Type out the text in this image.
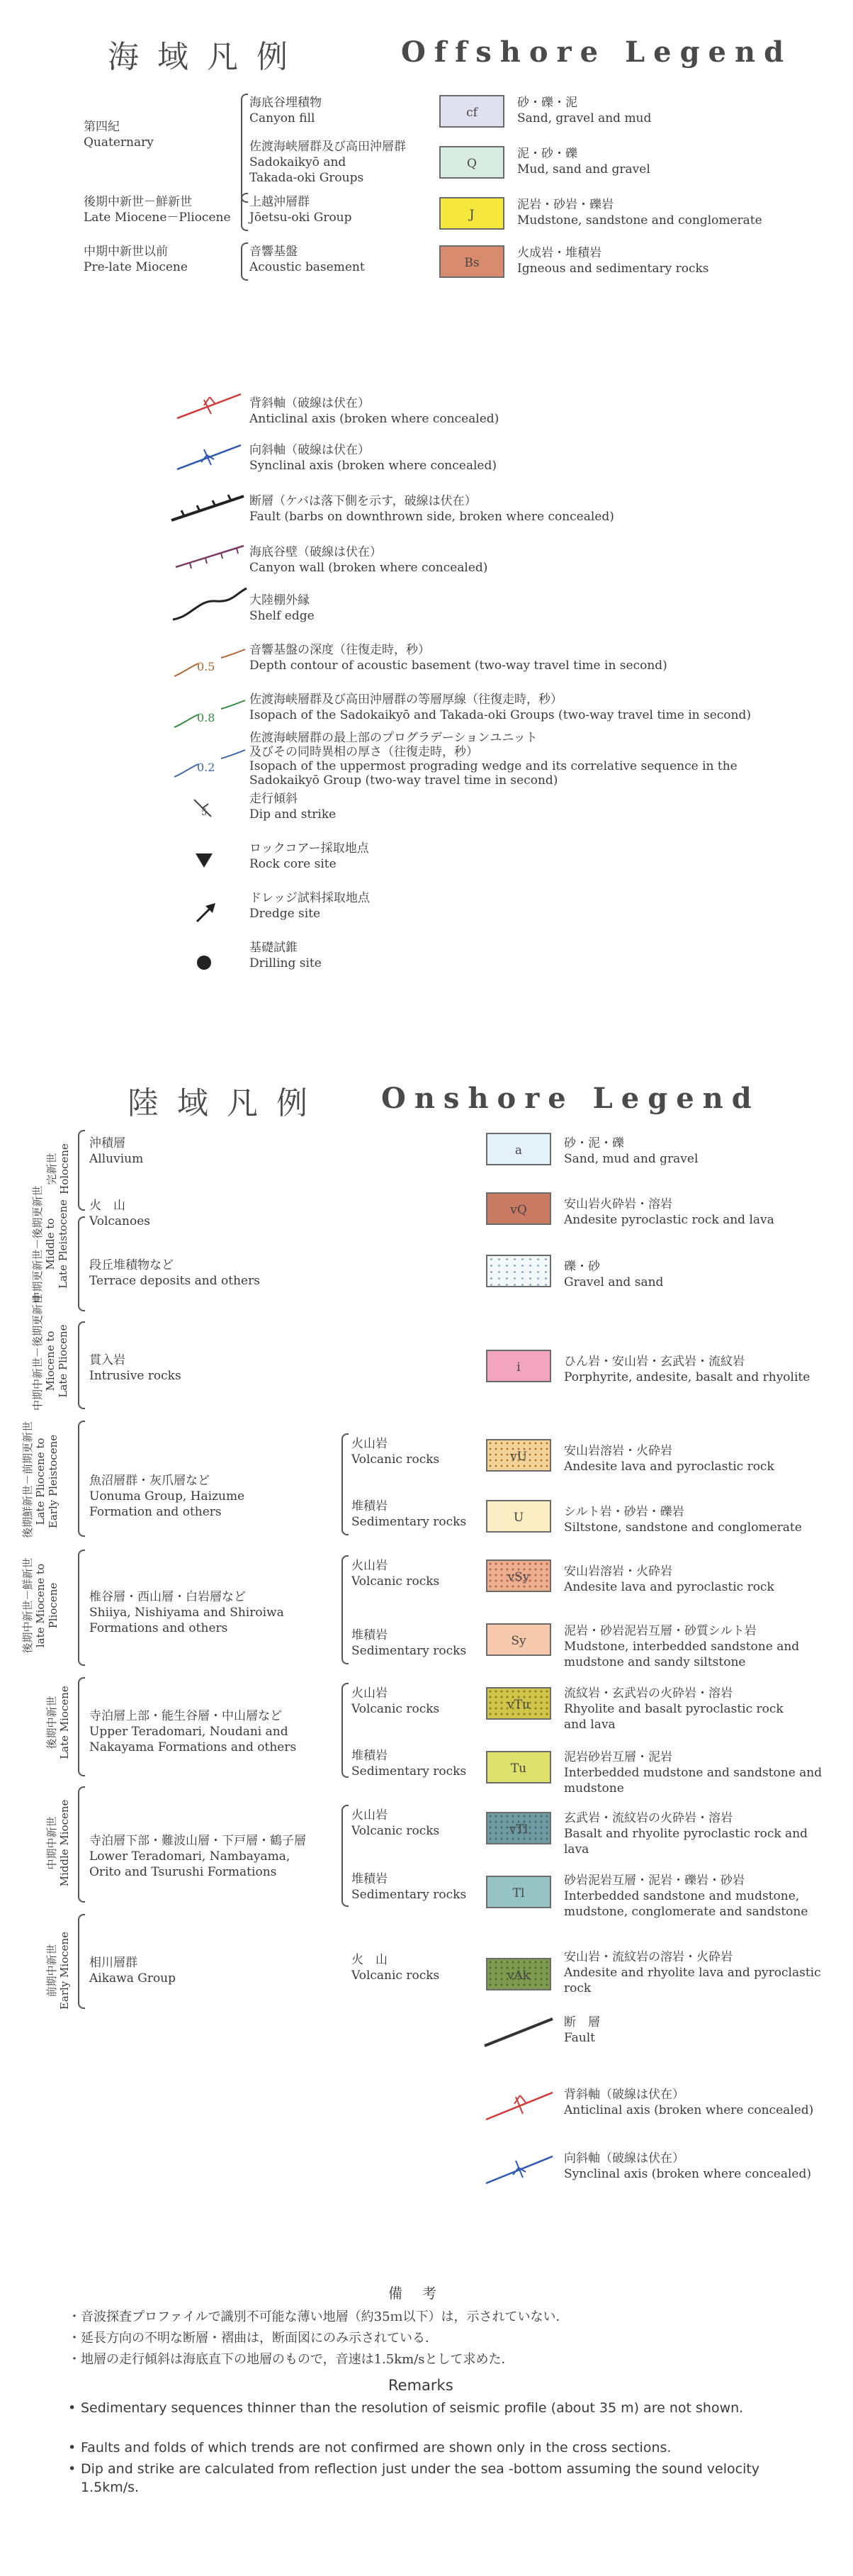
海域凡例	Offshore Legend
第四紀
Quaternary
後期中新世－鮮新世
Late Miocene－Pliocene
中期中新世以前
Pre-late Miocene
海底谷埋積物
Canyon fill
佐渡海峡層群及び高田沖層群
Sadokaikyō and
Takada-oki Groups
上越沖層群
Jōetsu-oki Group
音響基盤
Acoustic basement
cf
Q
J
Bs
砂・礫・泥
Sand, gravel and mud
泥・砂・礫
Mud, sand and gravel
泥岩・砂岩・礫岩
Mudstone, sandstone and conglomerate
火成岩・堆積岩
Igneous and sedimentary rocks
0.5
0.8
0.2
5
背斜軸（破線は伏在）
Anticlinal axis (broken where concealed)
向斜軸（破線は伏在）
Synclinal axis (broken where concealed)
断層（ケバは落下側を示す，破線は伏在）
Fault (barbs on downthrown side, broken where concealed)
海底谷壁（破線は伏在）
Canyon wall (broken where concealed)
大陸棚外縁
Shelf edge
音響基盤の深度（往復走時，秒）
Depth contour of acoustic basement (two-way travel time in second)
佐渡海峡層群及び高田沖層群の等層厚線（往復走時，秒）
Isopach of the Sadokaikyō and Takada-oki Groups (two-way travel time in second)
佐渡海峡層群の最上部のプログラデーションユニット
及びその同時異相の厚さ（往復走時，秒）
Isopach of the uppermost prograding wedge and its correlative sequence in the
Sadokaikyō Group (two-way travel time in second)
走行傾斜
Dip and strike
ロックコアー採取地点
Rock core site
ドレッジ試料採取地点
Dredge site
基礎試錐
Drilling site
陸域凡例 Onshore Legend
完新世 Holocene
中期更新世－後期更新世 Middle to Late Pleistocene
中期中新世－後期更新世 Miocene to Late Pliocene
後期鮮新世－前期更新世 Late Pliocene to Early Pleistocene
後期中新世－鮮新世 late Miocene to Pliocene
後期中新世 Late Miocene
中期中新世 Middle Miocene
前期中新世 Early Miocene
沖積層
Alluvium
火　山
Volcanoes
段丘堆積物など
Terrace deposits and others
貫入岩
Intrusive rocks
魚沼層群・灰爪層など
Uonuma Group, Haizume
Formation and others
椎谷層・西山層・白岩層など
Shiiya, Nishiyama and Shiroiwa
Formations and others
寺泊層上部・能生谷層・中山層など
Upper Teradomari, Noudani and
Nakayama Formations and others
寺泊層下部・難波山層・下戸層・鶴子層
Lower Teradomari, Nambayama,
Orito and Tsurushi Formations
相川層群
Aikawa Group
火山岩
Volcanic rocks
堆積岩
Sedimentary rocks
火山岩
Volcanic rocks
堆積岩
Sedimentary rocks
火山岩
Volcanic rocks
堆積岩
Sedimentary rocks
火山岩
Volcanic rocks
堆積岩
Sedimentary rocks
火　山
Volcanic rocks
a
vQ
i
vU
U
vSy
Sy
vTu
Tu
vTl
Tl
vAk
砂・泥・礫
Sand, mud and gravel
安山岩火砕岩・溶岩
Andesite pyroclastic rock and lava
礫・砂
Gravel and sand
ひん岩・安山岩・玄武岩・流紋岩
Porphyrite, andesite, basalt and rhyolite
安山岩溶岩・火砕岩
Andesite lava and pyroclastic rock
シルト岩・砂岩・礫岩
Siltstone, sandstone and conglomerate
安山岩溶岩・火砕岩
Andesite lava and pyroclastic rock
泥岩・砂岩泥岩互層・砂質シルト岩
Mudstone, interbedded sandstone and
mudstone and sandy siltstone
流紋岩・玄武岩の火砕岩・溶岩
Rhyolite and basalt pyroclastic rock
and lava
泥岩砂岩互層・泥岩
Interbedded mudstone and sandstone and
mudstone
玄武岩・流紋岩の火砕岩・溶岩
Basalt and rhyolite pyroclastic rock and
lava
砂岩泥岩互層・泥岩・礫岩・砂岩
Interbedded sandstone and mudstone,
mudstone, conglomerate and sandstone
安山岩・流紋岩の溶岩・火砕岩
Andesite and rhyolite lava and pyroclastic
rock
断　層
Fault
背斜軸（破線は伏在）
Anticlinal axis (broken where concealed)
向斜軸（破線は伏在）
Synclinal axis (broken where concealed)
備　考
・音波探査プロファイルで識別不可能な薄い地層（約35ｍ以下）は，示されていない．
・延長方向の不明な断層・褶曲は，断面図にのみ示されている．
・地層の走行傾斜は海底直下の地層のもので，音速は1.5km/sとして求めた．
Remarks
• Sedimentary sequences thinner than the resolution of seismic profile (about 35 m) are not shown.
• Faults and folds of which trends are not confirmed are shown only in the cross sections.
• Dip and strike are calculated from reflection just under the sea -bottom assuming the sound velocity 1.5km/s.
